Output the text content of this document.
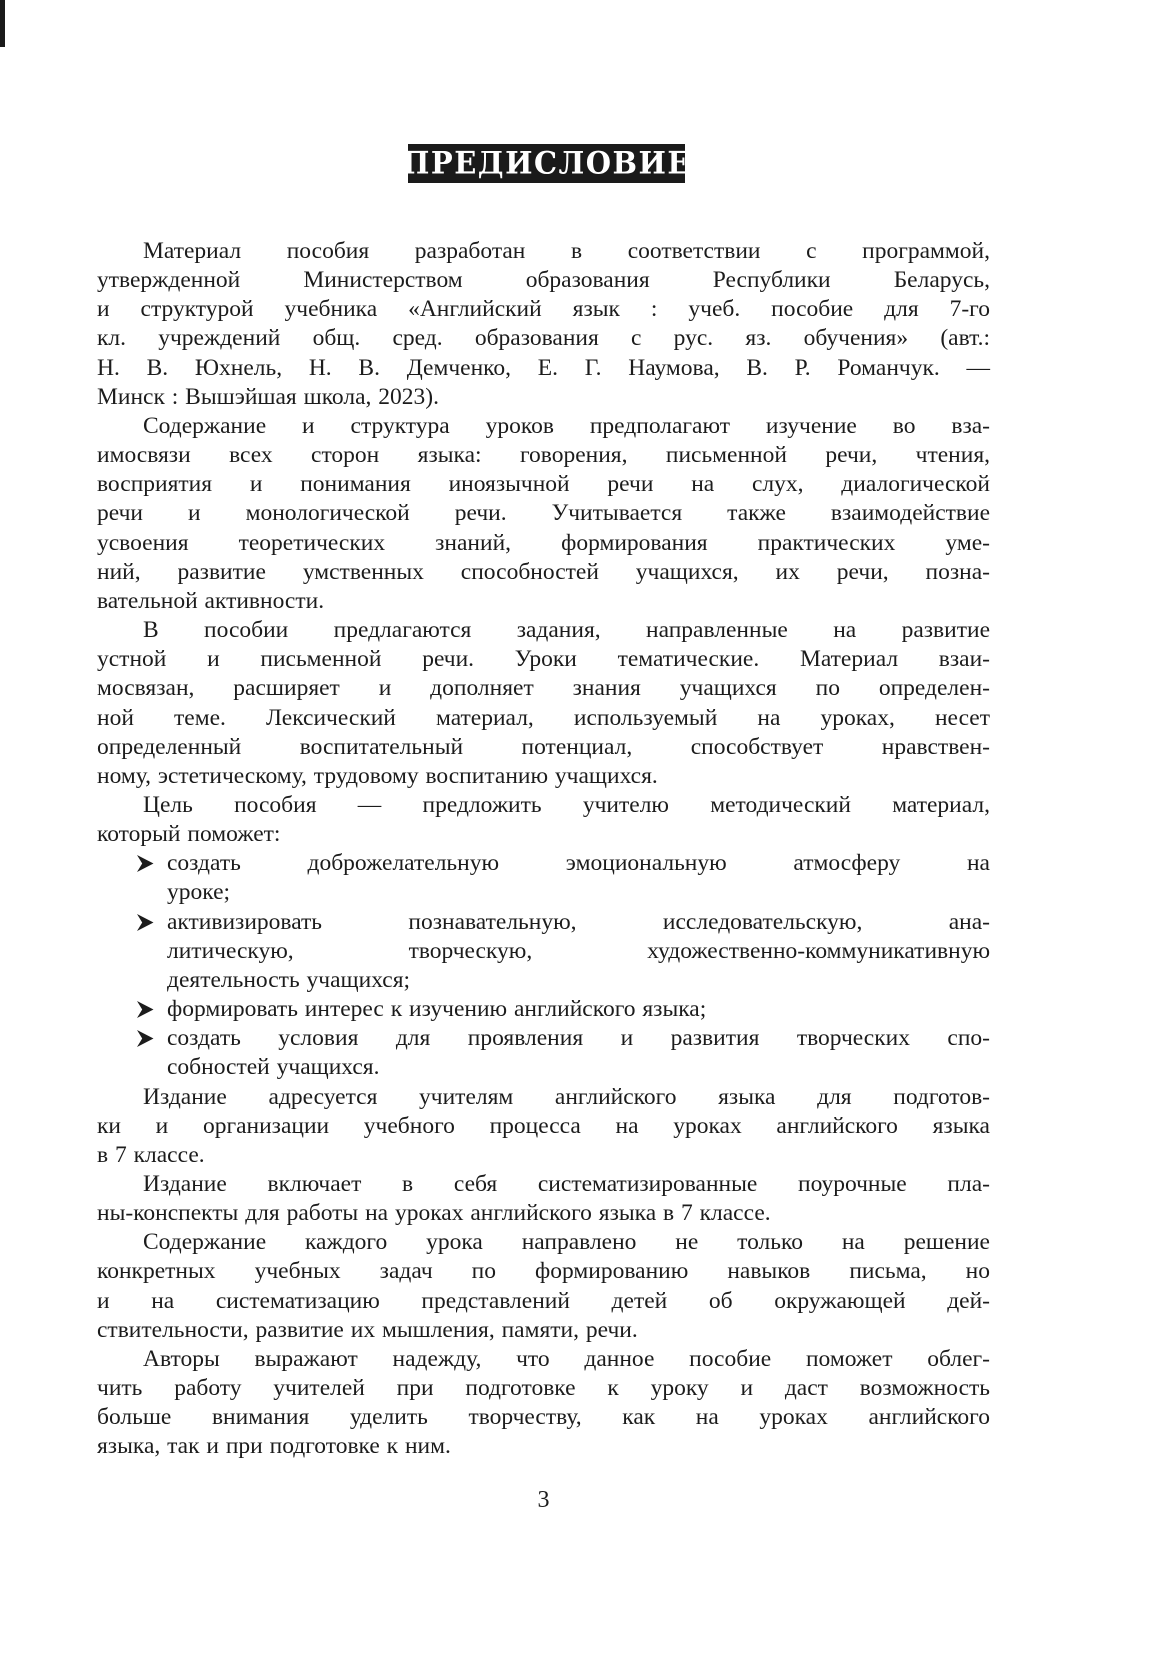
ПРЕДИСЛОВИЕ
Материал пособия разработан в соответствии с программой,
утвержденной Министерством образования Республики Беларусь,
и структурой учебника «Английский язык : учеб. пособие для 7-го
кл. учреждений общ. сред. образования с рус. яз. обучения» (авт.:
Н. В. Юхнель, Н. В. Демченко, Е. Г. Наумова, В. Р. Романчук. —
Минск : Вышэйшая школа, 2023).
Содержание и структура уроков предполагают изучение во вза-
имосвязи всех сторон языка: говорения, письменной речи, чтения,
восприятия и понимания иноязычной речи на слух, диалогической
речи и монологической речи. Учитывается также взаимодействие
усвоения теоретических знаний, формирования практических уме-
ний, развитие умственных способностей учащихся, их речи, позна-
вательной активности.
В пособии предлагаются задания, направленные на развитие
устной и письменной речи. Уроки тематические. Материал взаи-
мосвязан, расширяет и дополняет знания учащихся по определен-
ной теме. Лексический материал, используемый на уроках, несет
определенный воспитательный потенциал, способствует нравствен-
ному, эстетическому, трудовому воспитанию учащихся.
Цель пособия — предложить учителю методический материал,
который поможет:
создать доброжелательную эмоциональную атмосферу на
уроке;
активизировать познавательную, исследовательскую, ана-
литическую, творческую, художественно-коммуникативную
деятельность учащихся;
формировать интерес к изучению английского языка;
создать условия для проявления и развития творческих спо-
собностей учащихся.
Издание адресуется учителям английского языка для подготов-
ки и организации учебного процесса на уроках английского языка
в 7 классе.
Издание включает в себя систематизированные поурочные пла-
ны-конспекты для работы на уроках английского языка в 7 классе.
Содержание каждого урока направлено не только на решение
конкретных учебных задач по формированию навыков письма, но
и на систематизацию представлений детей об окружающей дей-
ствительности, развитие их мышления, памяти, речи.
Авторы выражают надежду, что данное пособие поможет облег-
чить работу учителей при подготовке к уроку и даст возможность
больше внимания уделить творчеству, как на уроках английского
языка, так и при подготовке к ним.
3
